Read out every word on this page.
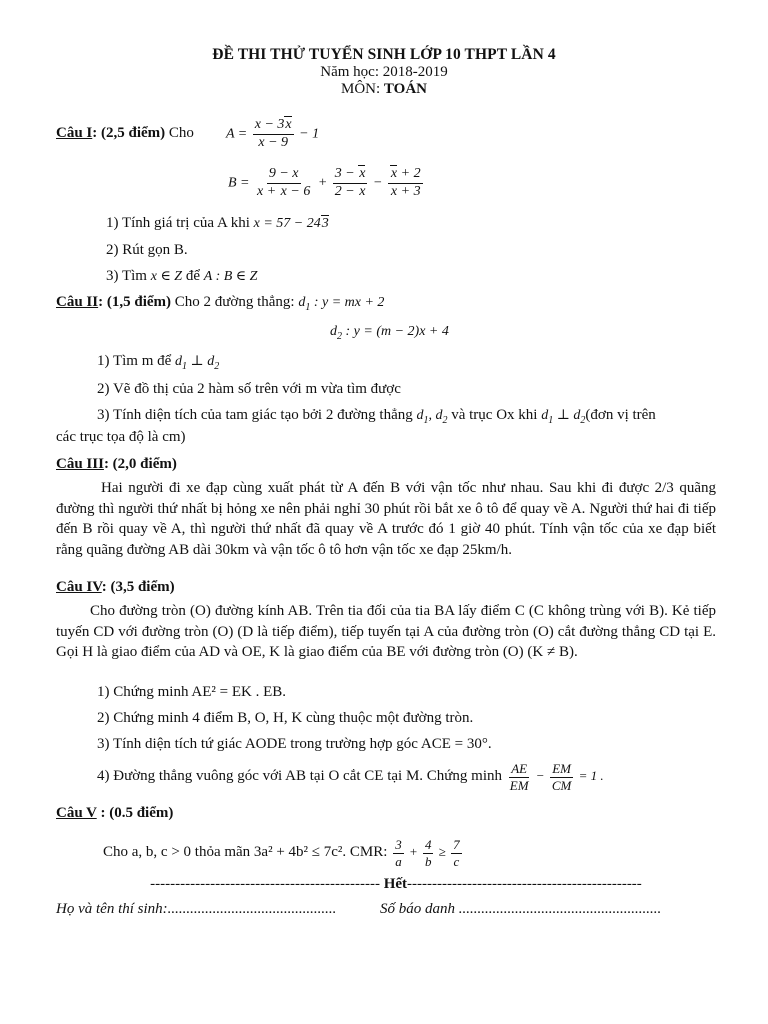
ĐỀ THI THỬ TUYỂN SINH LỚP 10 THPT LẦN 4
Năm học: 2018-2019
MÔN: TOÁN
Câu I: (2,5 điểm) Cho $A = \frac{x - 3x}{x - 9} - 1$
$B = \frac{9 - x}{x + x - 6} + \frac{3 - x}{2 - x} - \frac{x + 2}{x + 3}$
1) Tính giá trị của A khi x = 57 − 243
2) Rút gọn B.
3) Tìm x ∈ Z để A : B ∈ Z
Câu II: (1,5 điểm) Cho 2 đường thẳng: $d_1$ : y = mx + 2
$d_2$ : y = (m − 2)x + 4
1) Tìm m để $d_1$ ⊥ $d_2$
2) Vẽ đồ thị của 2 hàm số trên với m vừa tìm được
3) Tính diện tích của tam giác tạo bởi 2 đường thẳng $d_1$, $d_2$ và trục Ox khi $d_1$ ⊥ $d_2(đơn$ vị trên
các trục tọa độ là cm)
Câu III: (2,0 điểm)
Hai người đi xe đạp cùng xuất phát từ A đến B với vận tốc như nhau. Sau khi đi được 2/3 quãng đường thì người thứ nhất bị hỏng xe nên phải nghỉ 30 phút rồi bắt xe ô tô để quay về A. Người thứ hai đi tiếp đến B rồi quay về A, thì người thứ nhất đã quay về A trước đó 1 giờ 40 phút. Tính vận tốc của xe đạp biết rằng quãng đường AB dài 30km và vận tốc ô tô hơn vận tốc xe đạp 25km/h.
Câu IV: (3,5 điểm)
Cho đường tròn (O) đường kính AB. Trên tia đối của tia BA lấy điểm C (C không trùng với B). Kẻ tiếp tuyến CD với đường tròn (O) (D là tiếp điểm), tiếp tuyến tại A của đường tròn (O) cắt đường thẳng CD tại E. Gọi H là giao điểm của AD và OE, K là giao điểm của BE với đường tròn (O) (K ≠ B).
1) Chứng minh AE² = EK . EB.
2) Chứng minh 4 điểm B, O, H, K cùng thuộc một đường tròn.
3) Tính diện tích tứ giác AODE trong trường hợp góc ACE = 30°.
4) Đường thẳng vuông góc với AB tại O cắt CE tại M. Chứng minh $\frac{AE}{EM} - \frac{EM}{CM} = 1$ .
Câu V : (0.5 điểm)
Cho a, b, c > 0 thỏa mãn 3a² + 4b² ≤ 7c². CMR: $\frac{3}{a} + \frac{4}{b} \ge \frac{7}{c}$
---------------------------------------------- Hết-----------------------------------------------
Họ và tên thí sinh:.............................................	Số báo danh ......................................................
